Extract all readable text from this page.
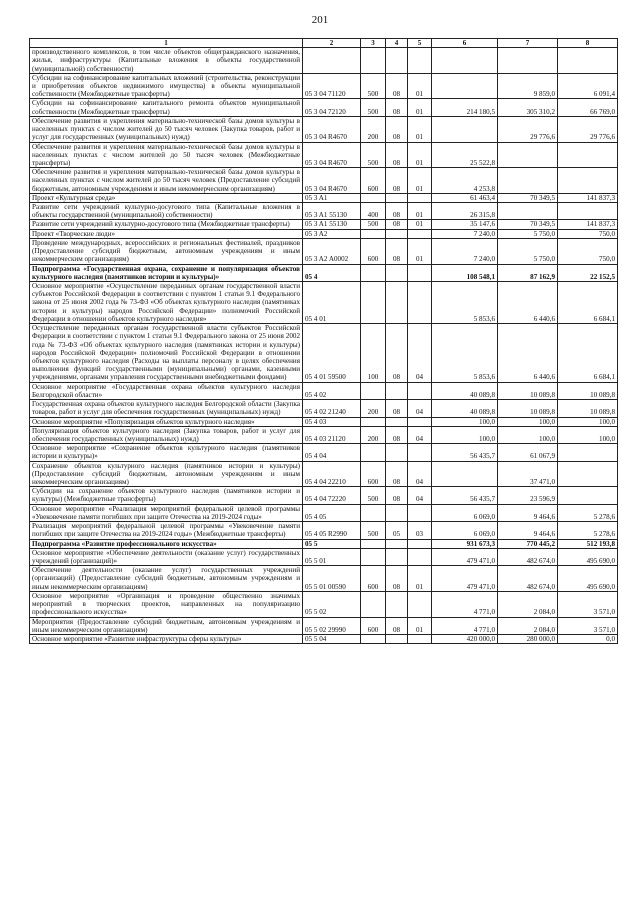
201
1	2	3	4	5	6	7	8
производственного комплексов, в том числе объектов общегражданского назначения, жилья, инфраструктуры (Капитальные вложения в объекты государственной (муниципальной) собственности)							
Субсидии на софинансирование капитальных вложений (строительства, реконструкции и приобретения объектов недвижимого имущества) в объекты муниципальной собственности (Межбюджетные трансферты)	05 3 04 71120	500	08	01		9 859,0	6 091,4
Субсидии на софинансирование капитального ремонта объектов муниципальной собственности (Межбюджетные трансферты)	05 3 04 72120	500	08	01	214 180,5	305 310,2	66 769,0
Обеспечение развития и укрепления материально-технической базы домов культуры в населенных пунктах с числом жителей до 50 тысяч человек (Закупка товаров, работ и услуг для государственных (муниципальных) нужд)	05 3 04 R4670	200	08	01		29 776,6	29 776,6
Обеспечение развития и укрепления материально-технической базы домов культуры в населенных пунктах с числом жителей до 50 тысяч человек (Межбюджетные трансферты)	05 3 04 R4670	500	08	01	25 522,8		
Обеспечение развития и укрепления материально-технической базы домов культуры в населенных пунктах с числом жителей до 50 тысяч человек (Предоставление субсидий бюджетным, автономным учреждениям и иным некоммерческим организациям)	05 3 04 R4670	600	08	01	4 253,8		
Проект «Культурная среда»	05 3 A1				61 463,4	70 349,5	141 837,3
Развитие сети учреждений культурно-досугового типа (Капитальные вложения в объекты государственной (муниципальной) собственности)	05 3 A1 55130	400	08	01	26 315,8		
Развитие сети учреждений культурно-досугового типа (Межбюджетные трансферты)	05 3 A1 55130	500	08	01	35 147,6	70 349,5	141 837,3
Проект «Творческие люди»	05 3 A2				7 240,0	5 750,0	750,0
Проведение международных, всероссийских и региональных фестивалей, праздников (Предоставление субсидий бюджетным, автономным учреждениям и иным некоммерческим организациям)	05 3 A2 A0002	600	08	01	7 240,0	5 750,0	750,0
Подпрограмма «Государственная охрана, сохранение и популяризация объектов культурного наследия (памятников истории и культуры)»	05 4				108 548,1	87 162,9	22 152,5
Основное мероприятие «Осуществление переданных органам государственной власти субъектов Российской Федерации в соответствии с пунктом 1 статьи 9.1 Федерального закона от 25 июня 2002 года № 73-ФЗ «Об объектах культурного наследия (памятниках истории и культуры) народов Российской Федерации» полномочий Российской Федерации в отношении объектов культурного наследия»	05 4 01				5 853,6	6 440,6	6 684,1
Осуществление переданных органам государственной власти субъектов Российской Федерации в соответствии с пунктом 1 статьи 9.1 Федерального закона от 25 июня 2002 года № 73-ФЗ «Об объектах культурного наследия (памятниках истории и культуры) народов Российской Федерации» полномочий Российской Федерации в отношении объектов культурного наследия (Расходы на выплаты персоналу в целях обеспечения выполнения функций государственными (муниципальными) органами, казенными учреждениями, органами управления государственными внебюджетными фондами)	05 4 01 59500	100	08	04	5 853,6	6 440,6	6 684,1
Основное мероприятие «Государственная охрана объектов культурного наследия Белгородской области»	05 4 02				40 089,8	10 089,8	10 089,8
Государственная охрана объектов культурного наследия Белгородской области (Закупка товаров, работ и услуг для обеспечения государственных (муниципальных) нужд)	05 4 02 21240	200	08	04	40 089,8	10 089,8	10 089,8
Основное мероприятие «Популяризация объектов культурного наследия»	05 4 03				100,0	100,0	100,0
Популяризация объектов культурного наследия (Закупка товаров, работ и услуг для обеспечения государственных (муниципальных) нужд)	05 4 03 21120	200	08	04	100,0	100,0	100,0
Основное мероприятие «Сохранение объектов культурного наследия (памятников истории и культуры)»	05 4 04				56 435,7	61 067,9	
Сохранение объектов культурного наследия (памятников истории и культуры) (Предоставление субсидий бюджетным, автономным учреждениям и иным некоммерческим организациям)	05 4 04 22210	600	08	04		37 471,0	
Субсидии на сохранение объектов культурного наследия (памятников истории и культуры) (Межбюджетные трансферты)	05 4 04 72220	500	08	04	56 435,7	23 596,9	
Основное мероприятие «Реализация мероприятий федеральной целевой программы «Увековечение памяти погибших при защите Отечества на 2019-2024 годы»	05 4 05				6 069,0	9 464,6	5 278,6
Реализация мероприятий федеральной целевой программы «Увековечение памяти погибших при защите Отечества на 2019-2024 годы» (Межбюджетные трансферты)	05 4 05 R2990	500	05	03	6 069,0	9 464,6	5 278,6
Подпрограмма «Развитие профессионального искусства»	05 5				931 673,3	770 445,2	512 193,8
Основное мероприятие «Обеспечение деятельности (оказание услуг) государственных учреждений (организаций)»	05 5 01				479 471,0	482 674,0	495 690,0
Обеспечение деятельности (оказание услуг) государственных учреждений (организаций) (Предоставление субсидий бюджетным, автономным учреждениям и иным некоммерческим организациям)	05 5 01 00590	600	08	01	479 471,0	482 674,0	495 690,0
Основное мероприятие «Организация и проведение общественно значимых мероприятий в творческих проектов, направленных на популяризацию профессионального искусства»	05 5 02				4 771,0	2 084,0	3 571,0
Мероприятия (Предоставление субсидий бюджетным, автономным учреждениям и иным некоммерческим организациям)	05 5 02 29990	600	08	01	4 771,0	2 084,0	3 571,0
Основное мероприятие «Развитие инфраструктуры сферы культуры»	05 5 04				420 000,0	280 000,0	0,0
